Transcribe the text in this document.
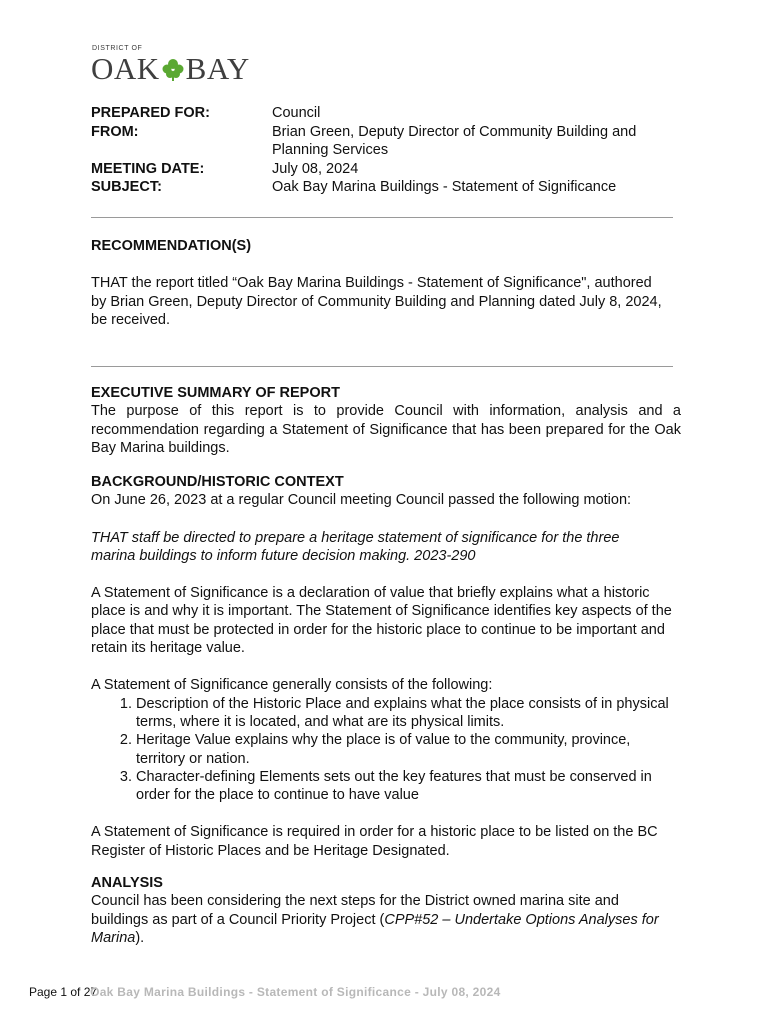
DISTRICT OF
OAK BAY
PREPARED FOR:	Council
FROM:	Brian Green, Deputy Director of Community Building and Planning Services
MEETING DATE:	July 08, 2024
SUBJECT:	Oak Bay Marina Buildings - Statement of Significance
RECOMMENDATION(S)

THAT the report titled “Oak Bay Marina Buildings - Statement of Significance", authored by Brian Green, Deputy Director of Community Building and Planning dated July 8, 2024, be received.

EXECUTIVE SUMMARY OF REPORT

The purpose of this report is to provide Council with information, analysis and a recommendation regarding a Statement of Significance that has been prepared for the Oak Bay Marina buildings.

BACKGROUND/HISTORIC CONTEXT

On June 26, 2023 at a regular Council meeting Council passed the following motion:

THAT staff be directed to prepare a heritage statement of significance for the three marina buildings to inform future decision making. 2023-290

A Statement of Significance is a declaration of value that briefly explains what a historic place is and why it is important. The Statement of Significance identifies key aspects of the place that must be protected in order for the historic place to continue to be important and retain its heritage value.

A Statement of Significance generally consists of the following:

1. Description of the Historic Place and explains what the place consists of in physical terms, where it is located, and what are its physical limits.
2. Heritage Value explains why the place is of value to the community, province, territory or nation.
3. Character-defining Elements sets out the key features that must be conserved in order for the place to continue to have value

A Statement of Significance is required in order for a historic place to be listed on the BC Register of Historic Places and be Heritage Designated.

ANALYSIS

Council has been considering the next steps for the District owned marina site and buildings as part of a Council Priority Project (CPP#52 – Undertake Options Analyses for Marina).

Page 1 of 27Oak Bay Marina Buildings - Statement of Significance - July 08, 2024
